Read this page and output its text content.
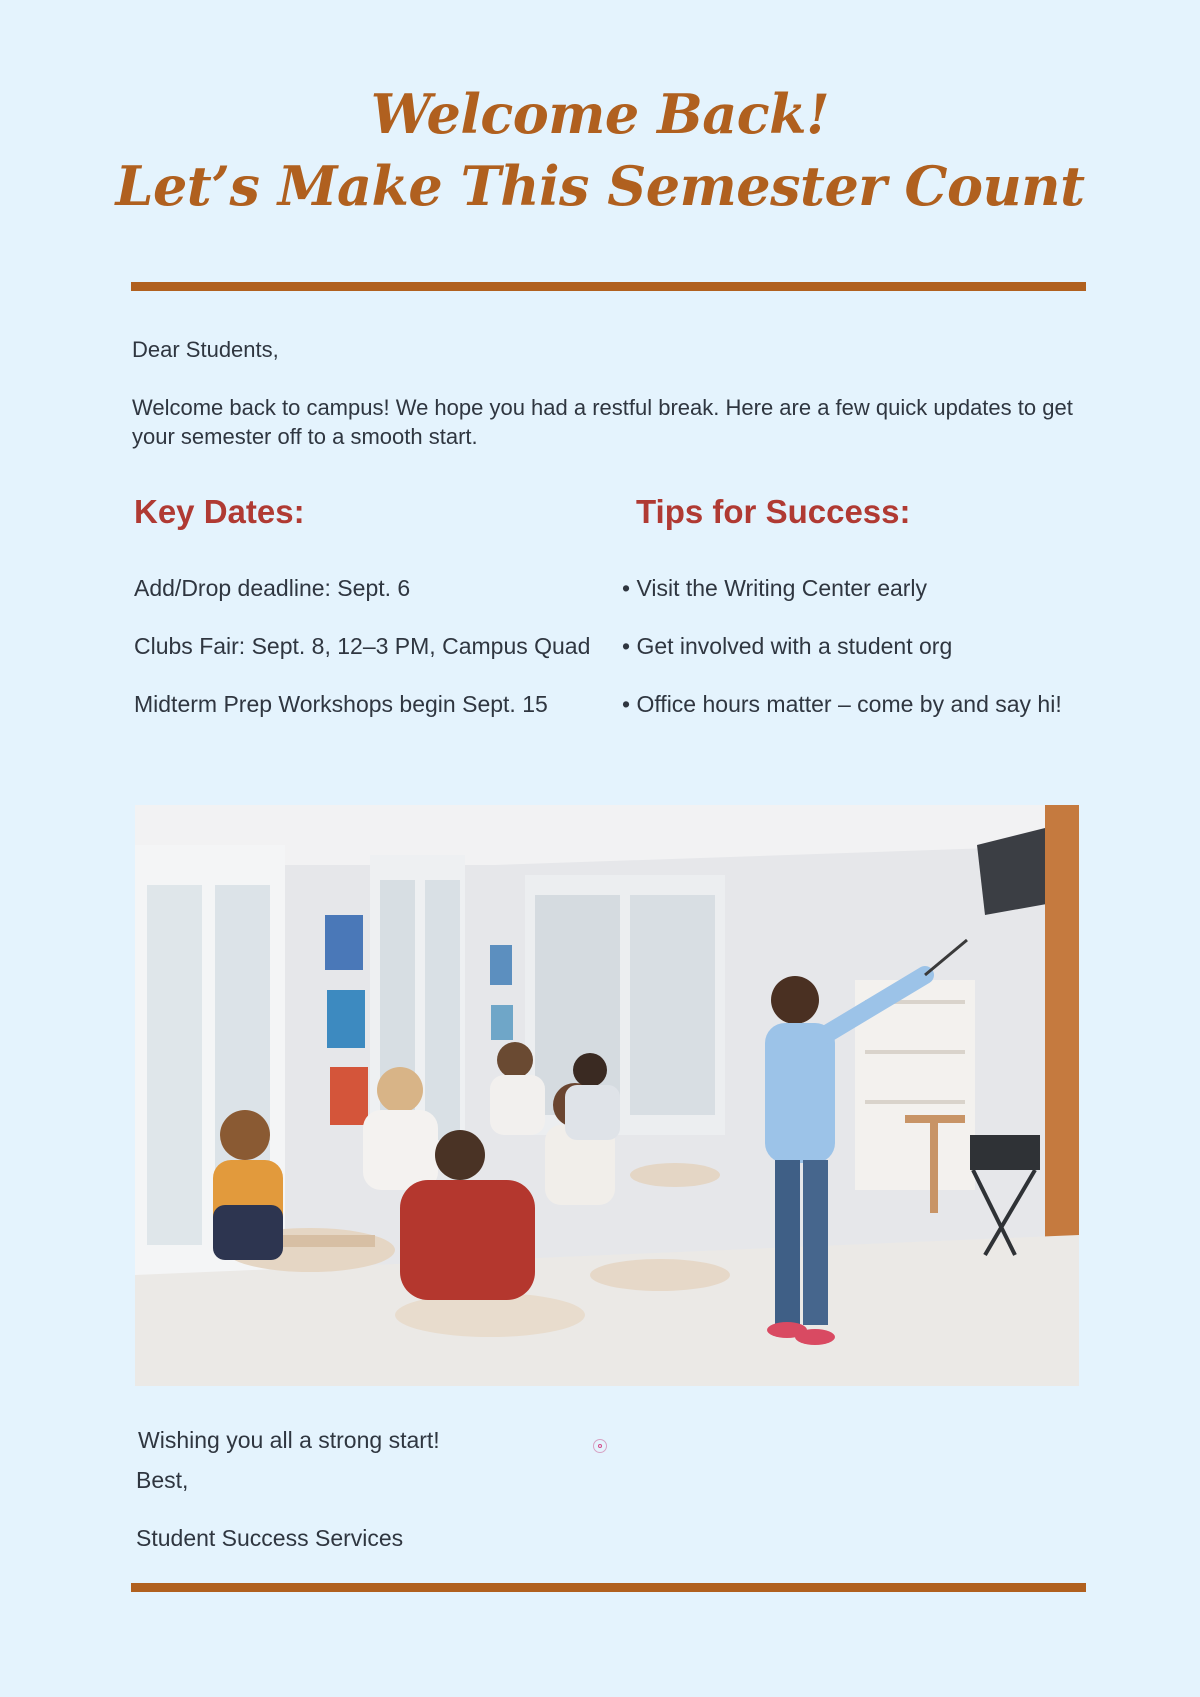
Welcome Back!
Let’s Make This Semester Count
Dear Students,
Welcome back to campus! We hope you had a restful break. Here are a few quick updates to get your semester off to a smooth start.
Key Dates:	Tips for Success:
Add/Drop deadline: Sept. 6
Clubs Fair: Sept. 8, 12–3 PM, Campus Quad
Midterm Prep Workshops begin Sept. 15
• Visit the Writing Center early
• Get involved with a student org
• Office hours matter – come by and say hi!
Wishing you all a strong start!
Best,
Student Success Services
